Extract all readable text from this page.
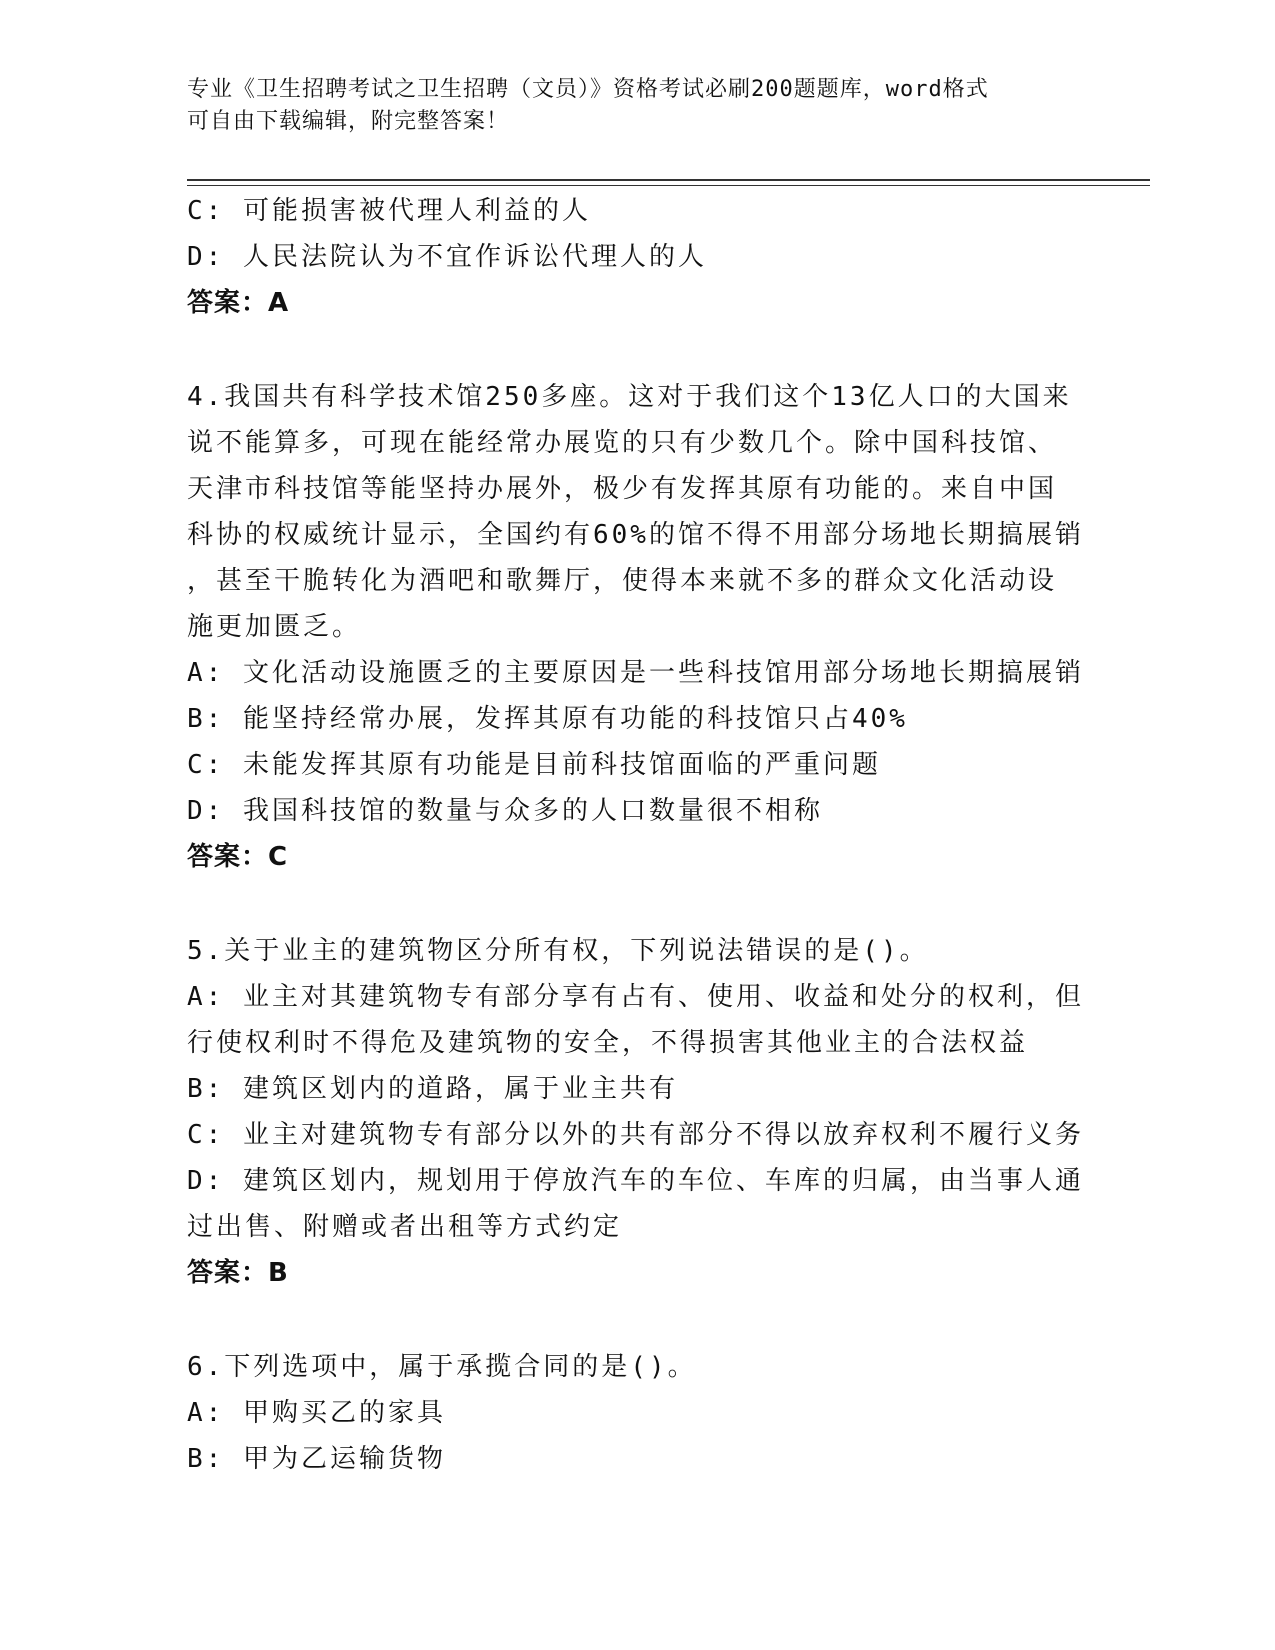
专业《卫生招聘考试之卫生招聘（文员）》资格考试必刷200题题库，word格式
可自由下载编辑，附完整答案！
C: 可能损害被代理人利益的人
D: 人民法院认为不宜作诉讼代理人的人
答案：A
4.我国共有科学技术馆250多座。这对于我们这个13亿人口的大国来
说不能算多，可现在能经常办展览的只有少数几个。除中国科技馆、
天津市科技馆等能坚持办展外，极少有发挥其原有功能的。来自中国
科协的权威统计显示，全国约有60%的馆不得不用部分场地长期搞展销
，甚至干脆转化为酒吧和歌舞厅，使得本来就不多的群众文化活动设
施更加匮乏。
A: 文化活动设施匮乏的主要原因是一些科技馆用部分场地长期搞展销
B: 能坚持经常办展，发挥其原有功能的科技馆只占40%
C: 未能发挥其原有功能是目前科技馆面临的严重问题
D: 我国科技馆的数量与众多的人口数量很不相称
答案：C
5.关于业主的建筑物区分所有权，下列说法错误的是()。
A: 业主对其建筑物专有部分享有占有、使用、收益和处分的权利，但
行使权利时不得危及建筑物的安全，不得损害其他业主的合法权益
B: 建筑区划内的道路，属于业主共有
C: 业主对建筑物专有部分以外的共有部分不得以放弃权利不履行义务
D: 建筑区划内，规划用于停放汽车的车位、车库的归属，由当事人通
过出售、附赠或者出租等方式约定
答案：B
6.下列选项中，属于承揽合同的是()。
A: 甲购买乙的家具
B: 甲为乙运输货物
